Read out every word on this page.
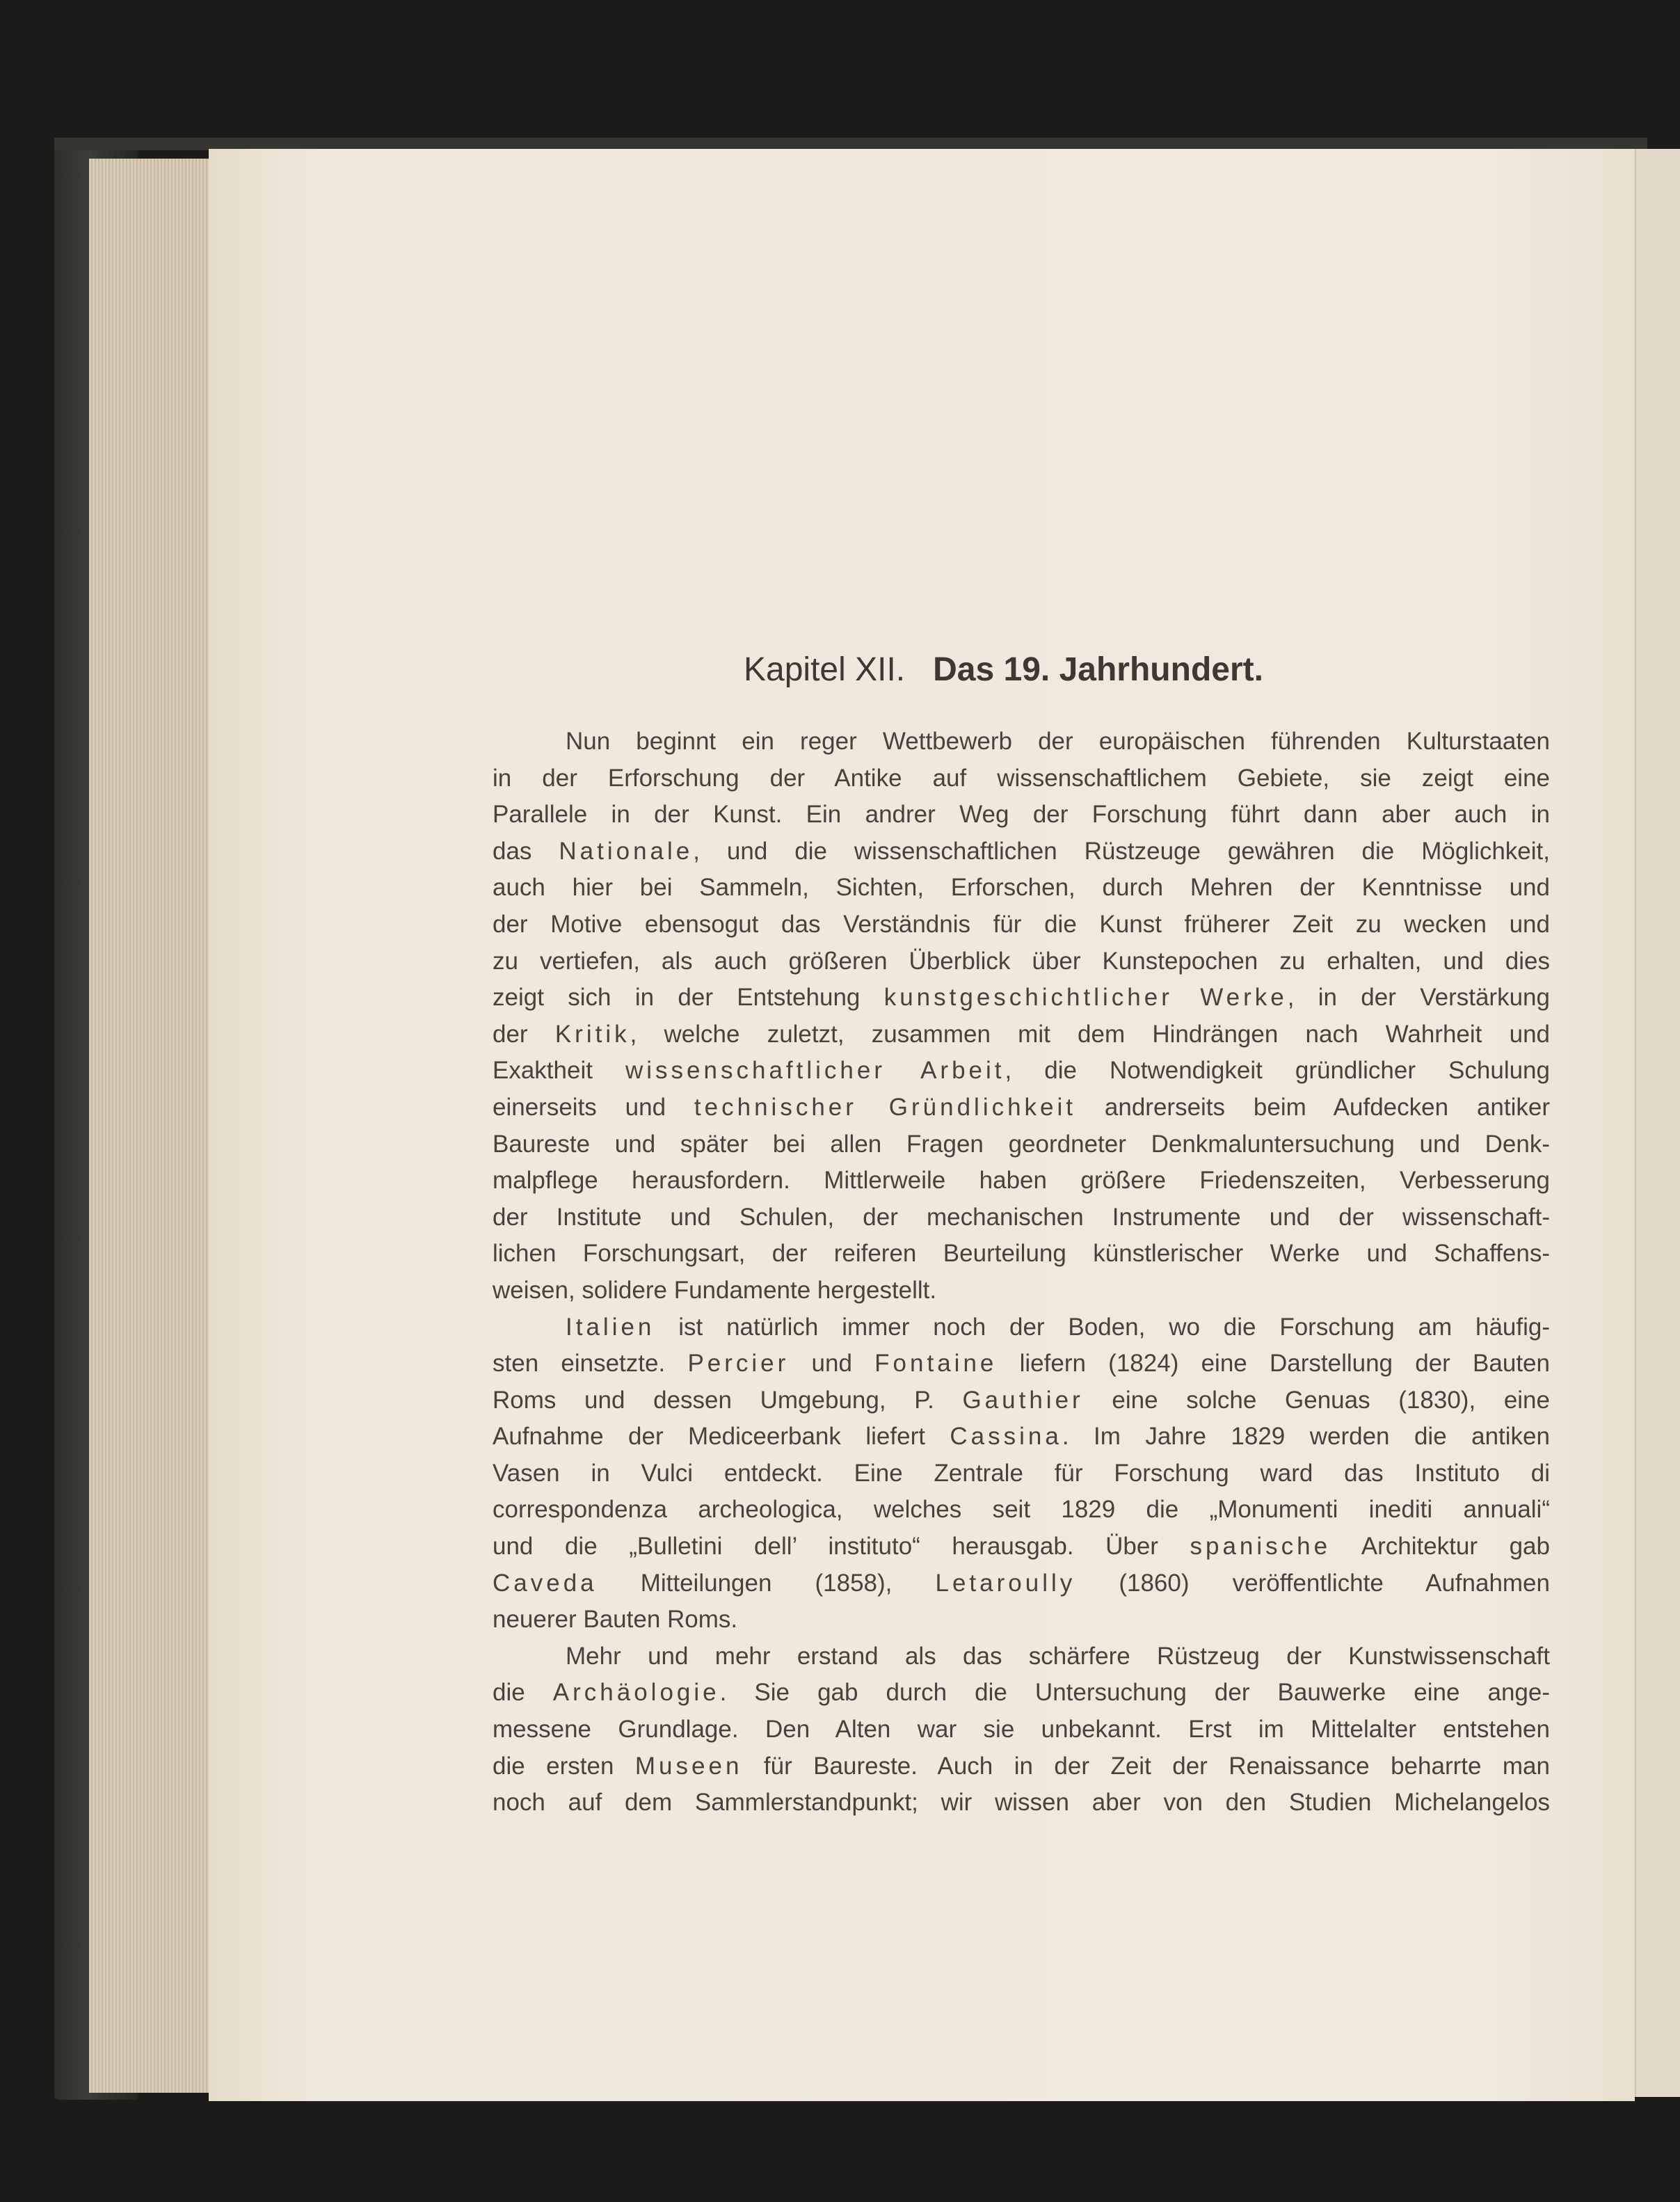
Kapitel XII. Das 19. Jahrhundert.
Nun beginnt ein reger Wettbewerb der europäischen führenden Kulturstaaten
in der Erforschung der Antike auf wissenschaftlichem Gebiete, sie zeigt eine
Parallele in der Kunst. Ein andrer Weg der Forschung führt dann aber auch in
das Nationale, und die wissenschaftlichen Rüstzeuge gewähren die Möglichkeit,
auch hier bei Sammeln, Sichten, Erforschen, durch Mehren der Kenntnisse und
der Motive ebensogut das Verständnis für die Kunst früherer Zeit zu wecken und
zu vertiefen, als auch größeren Überblick über Kunstepochen zu erhalten, und dies
zeigt sich in der Entstehung kunstgeschichtlicher Werke, in der Verstärkung
der Kritik, welche zuletzt, zusammen mit dem Hindrängen nach Wahrheit und
Exaktheit wissenschaftlicher Arbeit, die Notwendigkeit gründlicher Schulung
einerseits und technischer Gründlichkeit andrerseits beim Aufdecken antiker
Baureste und später bei allen Fragen geordneter Denkmaluntersuchung und Denk-
malpflege herausfordern. Mittlerweile haben größere Friedenszeiten, Verbesserung
der Institute und Schulen, der mechanischen Instrumente und der wissenschaft-
lichen Forschungsart, der reiferen Beurteilung künstlerischer Werke und Schaffens-
weisen, solidere Fundamente hergestellt.
Italien ist natürlich immer noch der Boden, wo die Forschung am häufig-
sten einsetzte. Percier und Fontaine liefern (1824) eine Darstellung der Bauten
Roms und dessen Umgebung, P. Gauthier eine solche Genuas (1830), eine
Aufnahme der Mediceerbank liefert Cassina. Im Jahre 1829 werden die antiken
Vasen in Vulci entdeckt. Eine Zentrale für Forschung ward das Instituto di
correspondenza archeologica, welches seit 1829 die „Monumenti inediti annuali“
und die „Bulletini dell’ instituto“ herausgab. Über spanische Architektur gab
Caveda Mitteilungen (1858), Letaroully (1860) veröffentlichte Aufnahmen
neuerer Bauten Roms.
Mehr und mehr erstand als das schärfere Rüstzeug der Kunstwissenschaft
die Archäologie. Sie gab durch die Untersuchung der Bauwerke eine ange-
messene Grundlage. Den Alten war sie unbekannt. Erst im Mittelalter entstehen
die ersten Museen für Baureste. Auch in der Zeit der Renaissance beharrte man
noch auf dem Sammlerstandpunkt; wir wissen aber von den Studien Michelangelos
